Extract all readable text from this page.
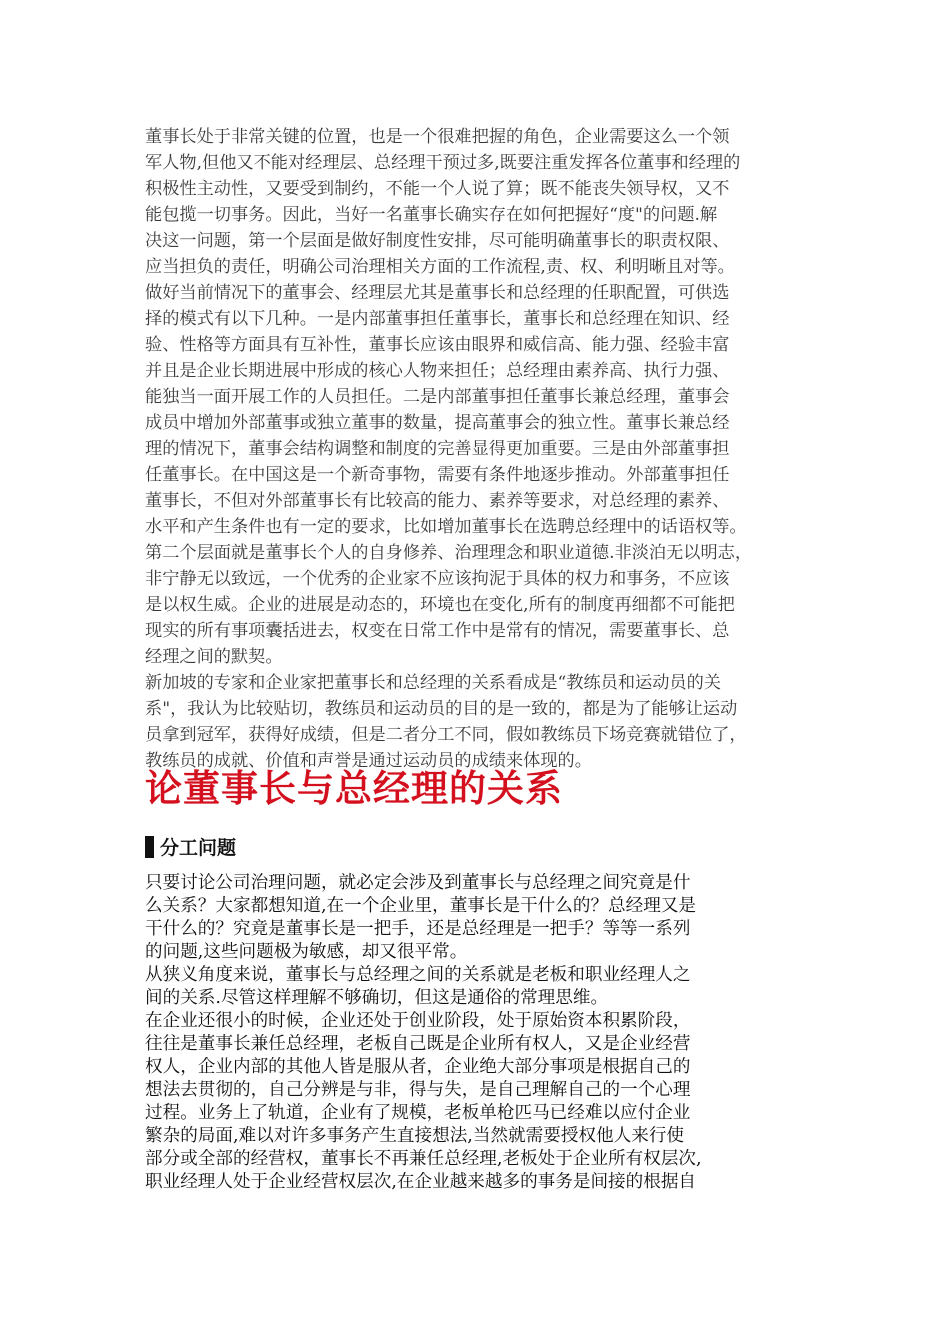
董事长处于非常关键的位置，也是一个很难把握的角色，企业需要这么一个领
军人物,但他又不能对经理层、总经理干预过多,既要注重发挥各位董事和经理的
积极性主动性，又要受到制约，不能一个人说了算；既不能丧失领导权，又不
能包揽一切事务。因此，当好一名董事长确实存在如何把握好“度"的问题.解
决这一问题，第一个层面是做好制度性安排，尽可能明确董事长的职责权限、
应当担负的责任，明确公司治理相关方面的工作流程,责、权、利明晰且对等。
做好当前情况下的董事会、经理层尤其是董事长和总经理的任职配置，可供选
择的模式有以下几种。一是内部董事担任董事长，董事长和总经理在知识、经
验、性格等方面具有互补性，董事长应该由眼界和威信高、能力强、经验丰富
并且是企业长期进展中形成的核心人物来担任；总经理由素养高、执行力强、
能独当一面开展工作的人员担任。二是内部董事担任董事长兼总经理，董事会
成员中增加外部董事或独立董事的数量，提高董事会的独立性。董事长兼总经
理的情况下，董事会结构调整和制度的完善显得更加重要。三是由外部董事担
任董事长。在中国这是一个新奇事物，需要有条件地逐步推动。外部董事担任
董事长，不但对外部董事长有比较高的能力、素养等要求，对总经理的素养、
水平和产生条件也有一定的要求，比如增加董事长在选聘总经理中的话语权等。
第二个层面就是董事长个人的自身修养、治理理念和职业道德.非淡泊无以明志，
非宁静无以致远，一个优秀的企业家不应该拘泥于具体的权力和事务，不应该
是以权生威。企业的进展是动态的，环境也在变化,所有的制度再细都不可能把
现实的所有事项囊括进去，权变在日常工作中是常有的情况，需要董事长、总
经理之间的默契。
新加坡的专家和企业家把董事长和总经理的关系看成是“教练员和运动员的关
系"，我认为比较贴切，教练员和运动员的目的是一致的，都是为了能够让运动
员拿到冠军，获得好成绩，但是二者分工不同，假如教练员下场竞赛就错位了，
教练员的成就、价值和声誉是通过运动员的成绩来体现的。
论董事长与总经理的关系
分工问题
只要讨论公司治理问题，就必定会涉及到董事长与总经理之间究竟是什
么关系？大家都想知道,在一个企业里，董事长是干什么的？总经理又是
干什么的？究竟是董事长是一把手，还是总经理是一把手？等等一系列
的问题,这些问题极为敏感，却又很平常。
从狭义角度来说，董事长与总经理之间的关系就是老板和职业经理人之
间的关系.尽管这样理解不够确切，但这是通俗的常理思维。
在企业还很小的时候，企业还处于创业阶段，处于原始资本积累阶段，
往往是董事长兼任总经理，老板自己既是企业所有权人，又是企业经营
权人，企业内部的其他人皆是服从者，企业绝大部分事项是根据自己的
想法去贯彻的，自己分辨是与非，得与失，是自己理解自己的一个心理
过程。业务上了轨道，企业有了规模，老板单枪匹马已经难以应付企业
繁杂的局面,难以对许多事务产生直接想法,当然就需要授权他人来行使
部分或全部的经营权，董事长不再兼任总经理,老板处于企业所有权层次,
职业经理人处于企业经营权层次,在企业越来越多的事务是间接的根据自
